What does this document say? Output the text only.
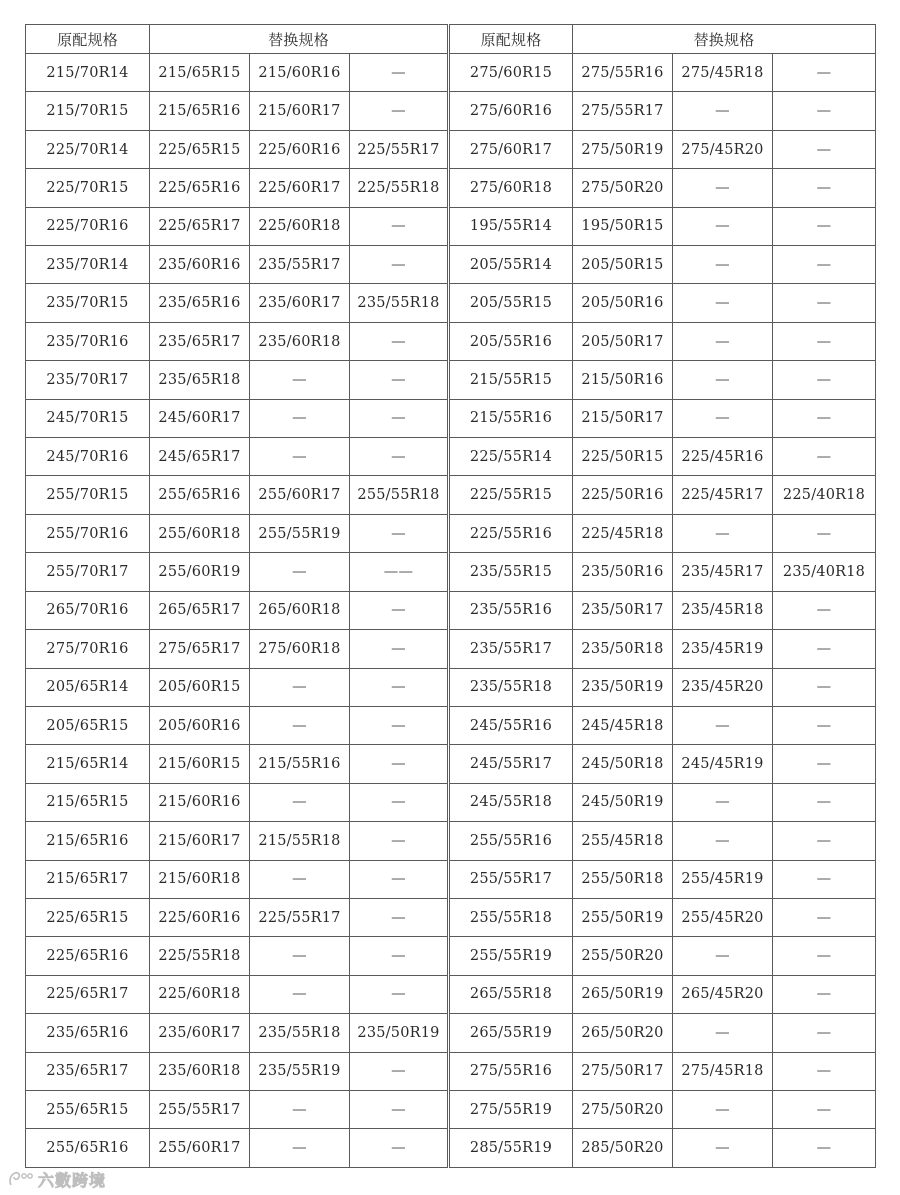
原配规格	替换规格			原配规格	替换规格		
215/70R14	215/65R15	215/60R16	—	275/60R15	275/55R16	275/45R18	—
215/70R15	215/65R16	215/60R17	—	275/60R16	275/55R17	—	—
225/70R14	225/65R15	225/60R16	225/55R17	275/60R17	275/50R19	275/45R20	—
225/70R15	225/65R16	225/60R17	225/55R18	275/60R18	275/50R20	—	—
225/70R16	225/65R17	225/60R18	—	195/55R14	195/50R15	—	—
235/70R14	235/60R16	235/55R17	—	205/55R14	205/50R15	—	—
235/70R15	235/65R16	235/60R17	235/55R18	205/55R15	205/50R16	—	—
235/70R16	235/65R17	235/60R18	—	205/55R16	205/50R17	—	—
235/70R17	235/65R18	—	—	215/55R15	215/50R16	—	—
245/70R15	245/60R17	—	—	215/55R16	215/50R17	—	—
245/70R16	245/65R17	—	—	225/55R14	225/50R15	225/45R16	—
255/70R15	255/65R16	255/60R17	255/55R18	225/55R15	225/50R16	225/45R17	225/40R18
255/70R16	255/60R18	255/55R19	—	225/55R16	225/45R18	—	—
255/70R17	255/60R19	—	——	235/55R15	235/50R16	235/45R17	235/40R18
265/70R16	265/65R17	265/60R18	—	235/55R16	235/50R17	235/45R18	—
275/70R16	275/65R17	275/60R18	—	235/55R17	235/50R18	235/45R19	—
205/65R14	205/60R15	—	—	235/55R18	235/50R19	235/45R20	—
205/65R15	205/60R16	—	—	245/55R16	245/45R18	—	—
215/65R14	215/60R15	215/55R16	—	245/55R17	245/50R18	245/45R19	—
215/65R15	215/60R16	—	—	245/55R18	245/50R19	—	—
215/65R16	215/60R17	215/55R18	—	255/55R16	255/45R18	—	—
215/65R17	215/60R18	—	—	255/55R17	255/50R18	255/45R19	—
225/65R15	225/60R16	225/55R17	—	255/55R18	255/50R19	255/45R20	—
225/65R16	225/55R18	—	—	255/55R19	255/50R20	—	—
225/65R17	225/60R18	—	—	265/55R18	265/50R19	265/45R20	—
235/65R16	235/60R17	235/55R18	235/50R19	265/55R19	265/50R20	—	—
235/65R17	235/60R18	235/55R19	—	275/55R16	275/50R17	275/45R18	—
255/65R15	255/55R17	—	—	275/55R19	275/50R20	—	—
255/65R16	255/60R17	—	—	285/55R19	285/50R20	—	—
六數跨境
